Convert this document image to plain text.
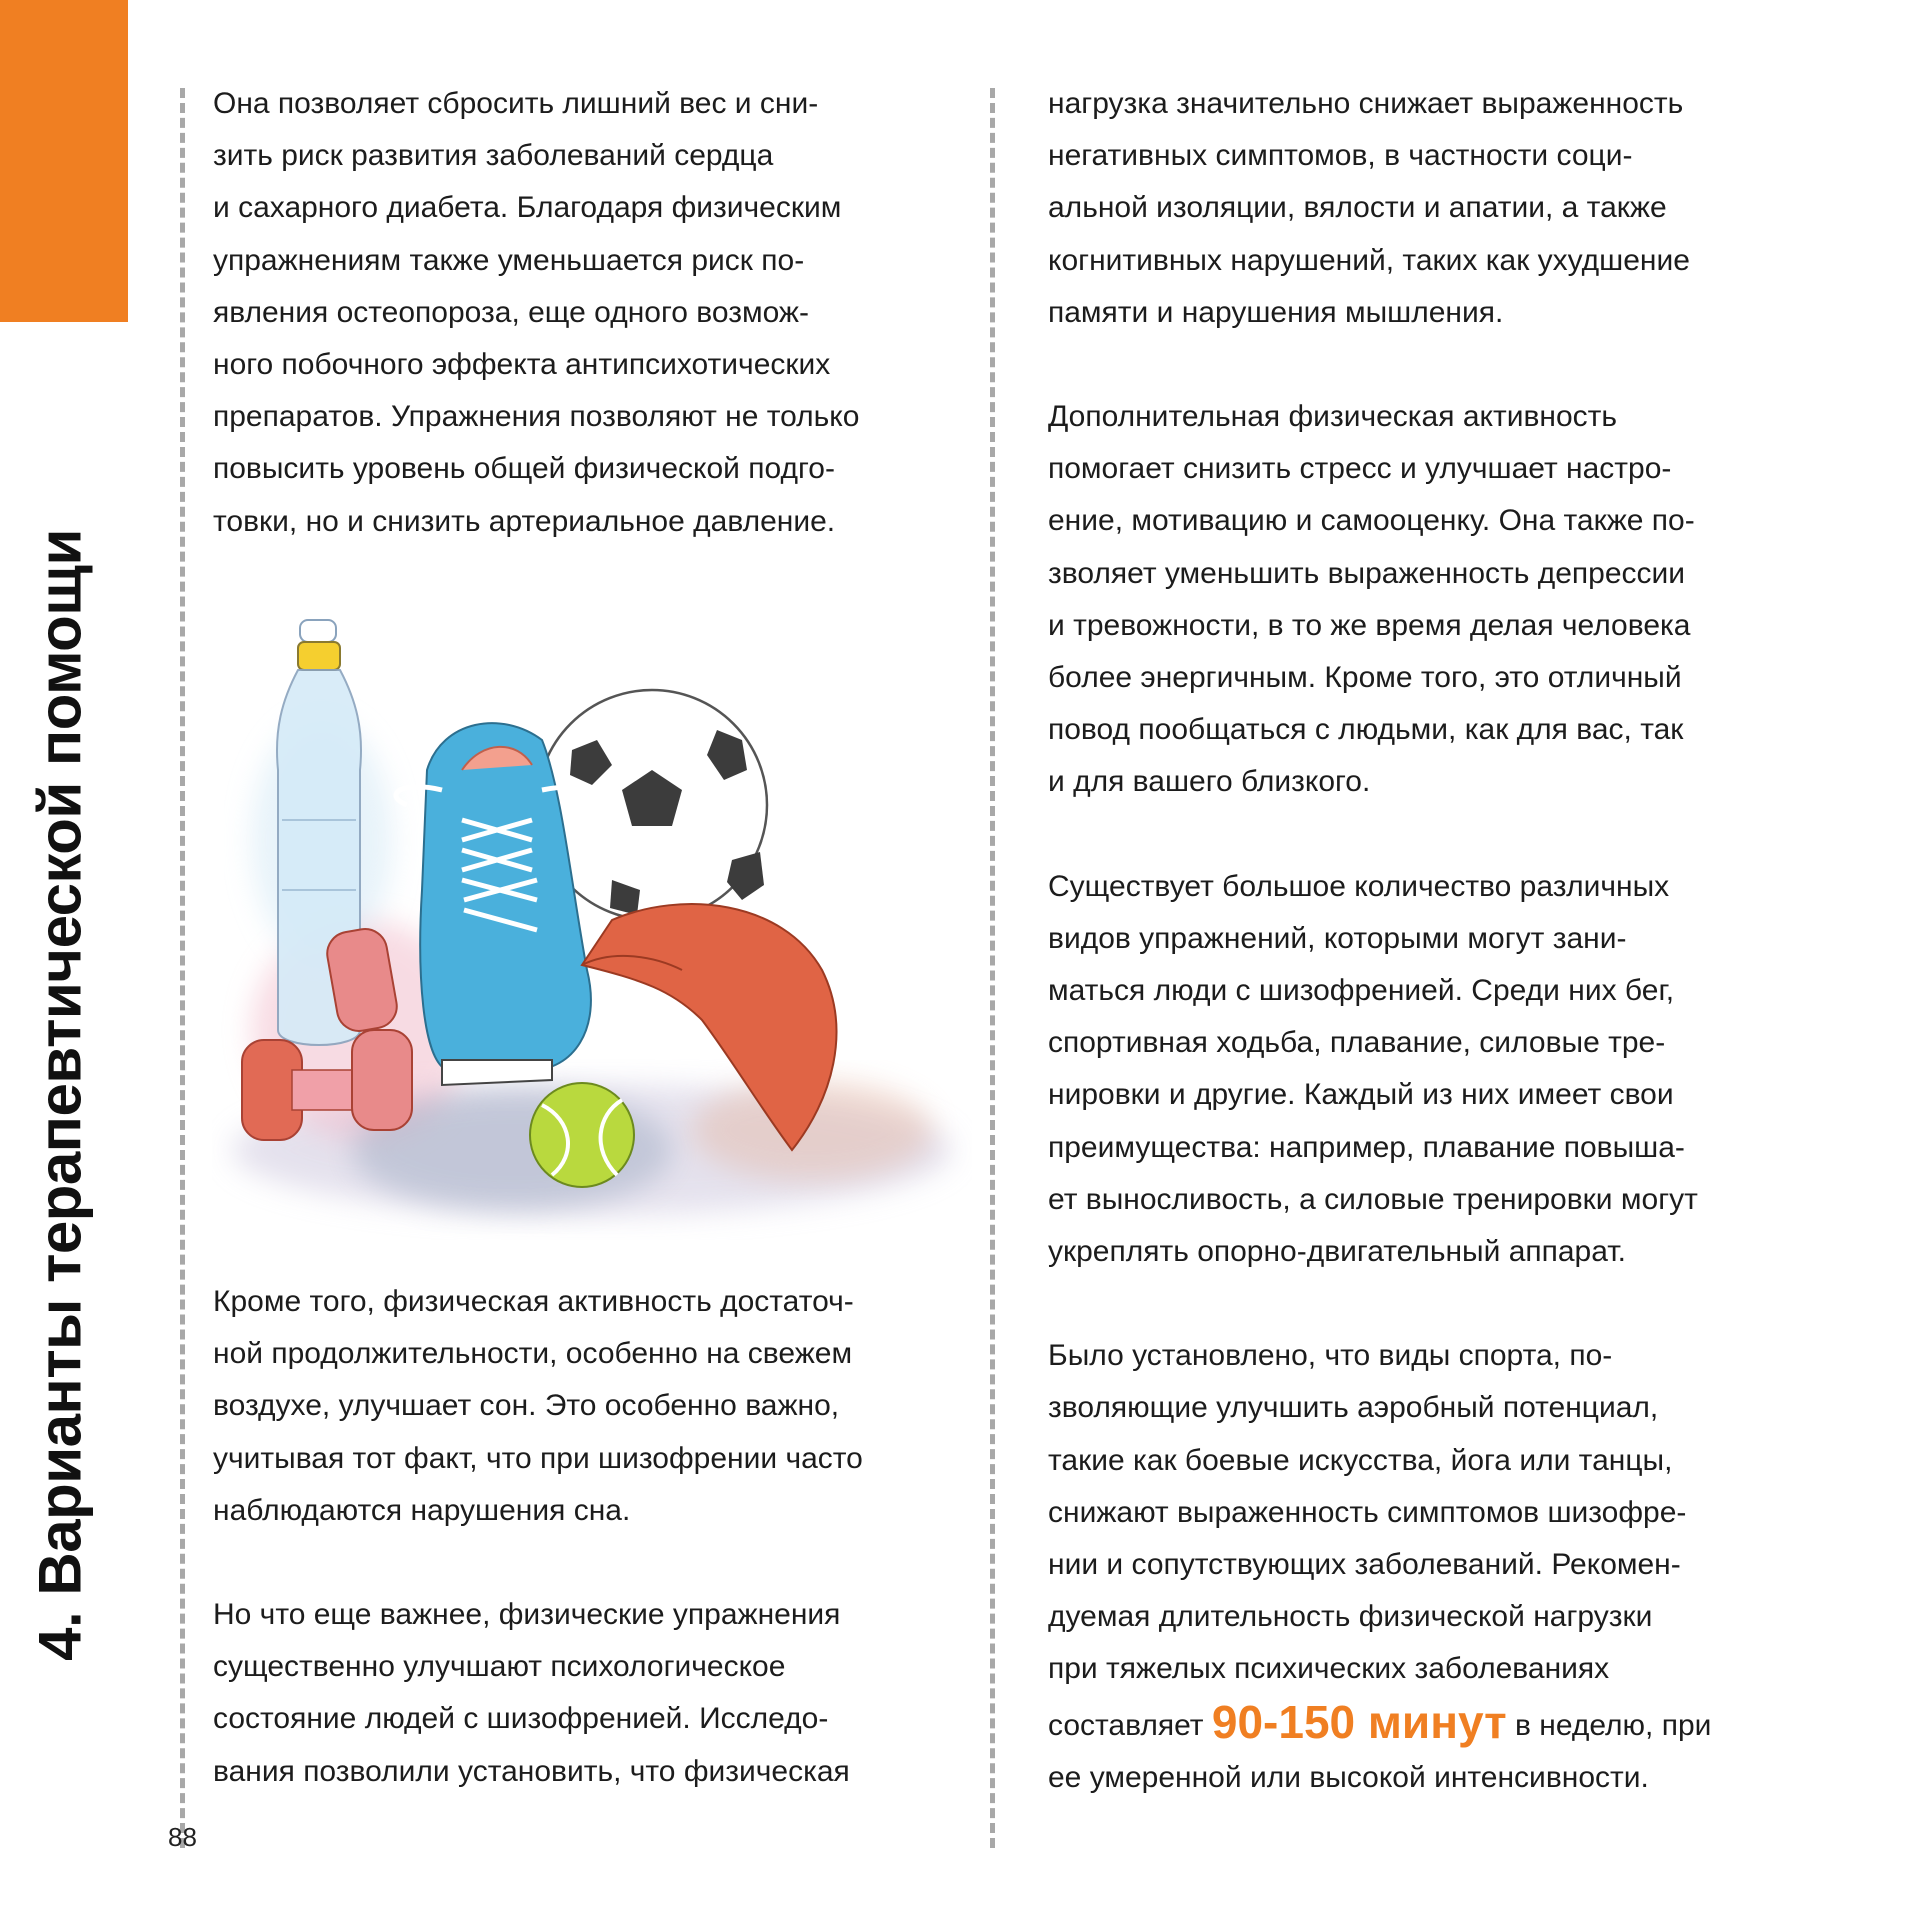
4. Варианты терапевтической помощи

Она позволяет сбросить лишний вес и сни-
зить риск развития заболеваний сердца
и сахарного диабета. Благодаря физическим
упражнениям также уменьшается риск по-
явления остеопороза, еще одного возмож-
ного побочного эффекта антипсихотических
препаратов. Упражнения позволяют не только
повысить уровень общей физической подго-
товки, но и снизить артериальное давление.

Кроме того, физическая активность достаточ-
ной продолжительности, особенно на свежем
воздухе, улучшает сон. Это особенно важно,
учитывая тот факт, что при шизофрении часто
наблюдаются нарушения сна.

Но что еще важнее, физические упражнения
существенно улучшают психологическое
состояние людей с шизофренией. Исследо-
вания позволили установить, что физическая

нагрузка значительно снижает выраженность
негативных симптомов, в частности соци-
альной изоляции, вялости и апатии, а также
когнитивных нарушений, таких как ухудшение
памяти и нарушения мышления.

Дополнительная физическая активность
помогает снизить стресс и улучшает настро-
ение, мотивацию и самооценку. Она также по-
зволяет уменьшить выраженность депрессии
и тревожности, в то же время делая человека
более энергичным. Кроме того, это отличный
повод пообщаться с людьми, как для вас, так
и для вашего близкого.

Существует большое количество различных
видов упражнений, которыми могут зани-
маться люди с шизофренией. Среди них бег,
спортивная ходьба, плавание, силовые тре-
нировки и другие. Каждый из них имеет свои
преимущества: например, плавание повыша-
ет выносливость, а силовые тренировки могут
укреплять опорно-двигательный аппарат.

Было установлено, что виды спорта, по-
зволяющие улучшить аэробный потенциал,
такие как боевые искусства, йога или танцы,
снижают выраженность симптомов шизофре-
нии и сопутствующих заболеваний. Рекомен-
дуемая длительность физической нагрузки
при тяжелых психических заболеваниях
составляет 90-150 минут в неделю, при
ее умеренной или высокой интенсивности.

88
